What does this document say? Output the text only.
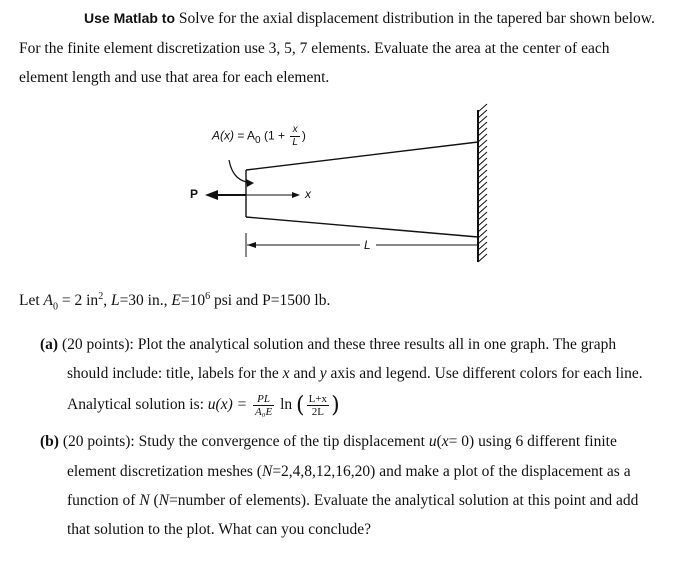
Use Matlab to Solve for the axial displacement distribution in the tapered bar shown below.
For the finite element discretization use 3, 5, 7 elements. Evaluate the area at the center of each
element length and use that area for each element.
$A(x) = A_0$ ($1 + \frac{x}{L}$ )
P	x
L
Let $A_0 = 2$ $in^2$, L=30 in., $E=10^6$ psi and P=1500 lb.
(a) (20 points): Plot the analytical solution and these three results all in one graph. The graph
should include: title, labels for the x and y axis and legend. Use different colors for each line.
Analytical solution is: $u(x) = \frac{PL}{\text{A₀E}}$ ln ( $\frac{L+x}{2L}$ )
(b) (20 points): Study the convergence of the tip displacement u(x= 0) using 6 different finite
element discretization meshes (N=2,4,8,12,16,20) and make a plot of the displacement as a
function of N (N=number of elements). Evaluate the analytical solution at this point and add
that solution to the plot. What can you conclude?
